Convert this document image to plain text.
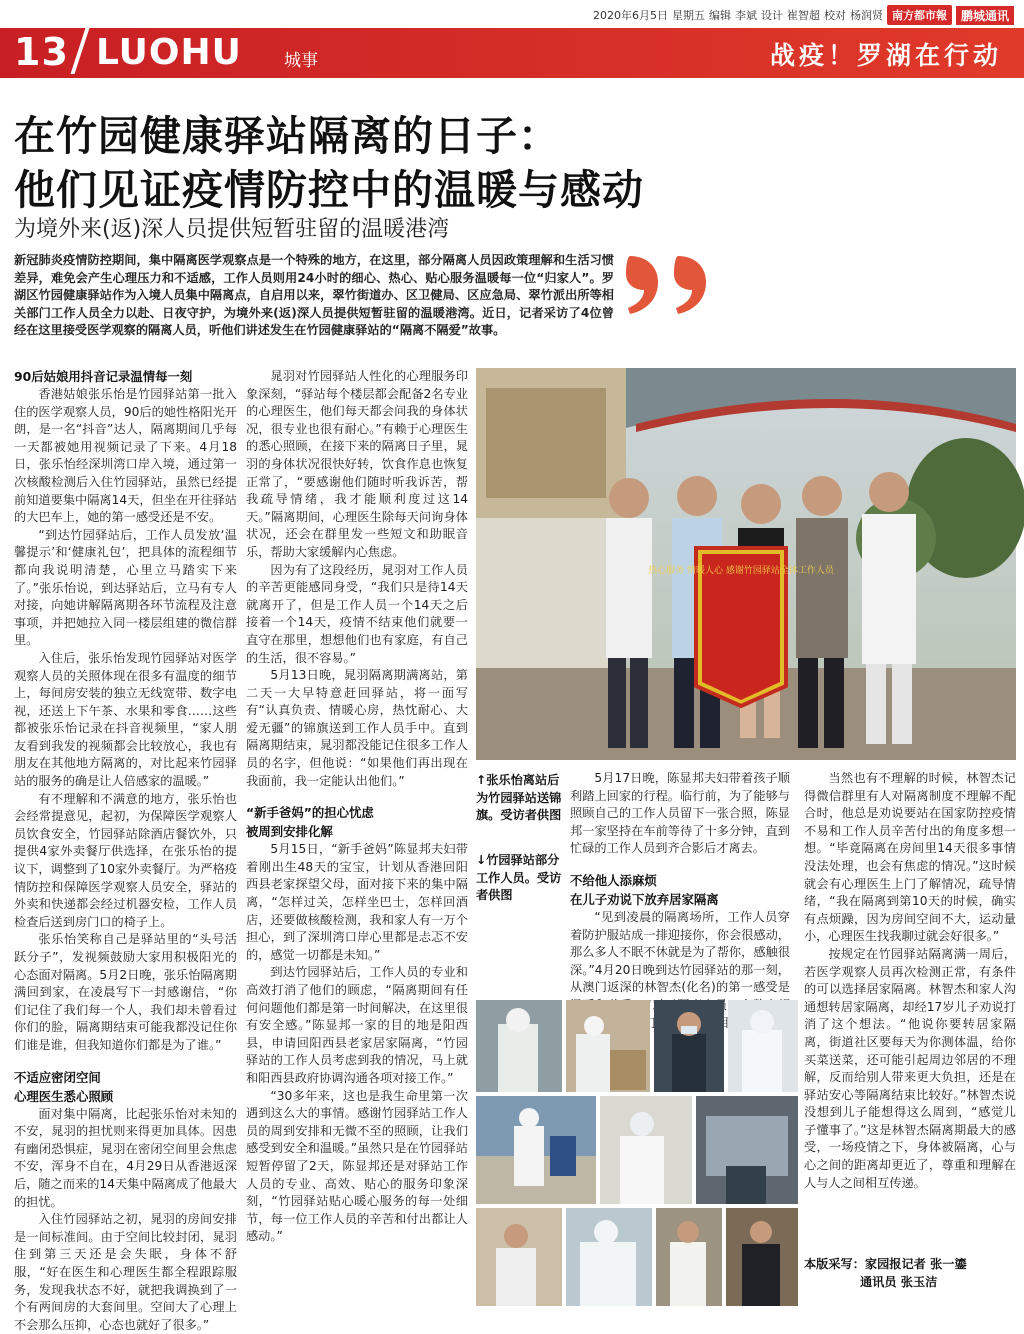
2020年6月5日 星期五 编辑 李斌 设计 崔智超 校对 杨润贤 南方都市報	鹏城通讯
13 LUOHU 城事	战疫！罗湖在行动
在竹园健康驿站隔离的日子：
他们见证疫情防控中的温暖与感动
为境外来(返)深人员提供短暂驻留的温暖港湾
新冠肺炎疫情防控期间，集中隔离医学观察点是一个特殊的地方，在这里，部分隔离人员因政策理解和生活习惯差异，难免会产生心理压力和不适感，工作人员则用24小时的细心、热心、贴心服务温暖每一位“归家人”。罗湖区竹园健康驿站作为入境人员集中隔离点，自启用以来，翠竹街道办、区卫健局、区应急局、翠竹派出所等相关部门工作人员全力以赴、日夜守护，为境外来(返)深人员提供短暂驻留的温暖港湾。近日，记者采访了4位曾经在这里接受医学观察的隔离人员，听他们讲述发生在竹园健康驿站的“隔离不隔爱”故事。
90后姑娘用抖音记录温情每一刻

香港姑娘张乐怡是竹园驿站第一批入住的医学观察人员，90后的她性格阳光开朗，是一名“抖音”达人，隔离期间几乎每一天都被她用视频记录了下来。4月18日，张乐怡经深圳湾口岸入境，通过第一次核酸检测后入住竹园驿站，虽然已经提前知道要集中隔离14天，但坐在开往驿站的大巴车上，她的第一感受还是不安。

“到达竹园驿站后，工作人员发放‘温馨提示’和‘健康礼包’，把具体的流程细节都向我说明清楚，心里立马踏实下来了。”张乐怡说，到达驿站后，立马有专人对接，向她讲解隔离期各环节流程及注意事项，并把她拉入同一楼层组建的微信群里。

入住后，张乐怡发现竹园驿站对医学观察人员的关照体现在很多有温度的细节上，每间房安装的独立无线宽带、数字电视，还送上下午茶、水果和零食……这些都被张乐怡记录在抖音视频里，“家人朋友看到我发的视频都会比较放心，我也有朋友在其他地方隔离的，对比起来竹园驿站的服务的确是让人倍感家的温暖。”

有不理解和不满意的地方，张乐怡也会经常提意见，起初，为保障医学观察人员饮食安全，竹园驿站除酒店餐饮外，只提供4家外卖餐厅供选择，在张乐怡的提议下，调整到了10家外卖餐厅。为严格疫情防控和保障医学观察人员安全，驿站的外卖和快递都会经过机器安检，工作人员检查后送到房门口的椅子上。

张乐怡笑称自己是驿站里的“头号活跃分子”，发视频鼓励大家用积极阳光的心态面对隔离。5月2日晚，张乐怡隔离期满回到家，在凌晨写下一封感谢信，“你们记住了我们每一个人，我们却未曾看过你们的脸，隔离期结束可能我都没记住你们谁是谁，但我知道你们都是为了谁。”

不适应密闭空间
心理医生悉心照顾

面对集中隔离，比起张乐怡对未知的不安，晁羽的担忧则来得更加具体。因患有幽闭恐惧症，晁羽在密闭空间里会焦虑不安，浑身不自在，4月29日从香港返深后，随之而来的14天集中隔离成了他最大的担忧。

入住竹园驿站之初，晁羽的房间安排是一间标准间。由于空间比较封闭，晁羽住到第三天还是会失眠，身体不舒服，“好在医生和心理医生都全程跟踪服务，发现我状态不好，就把我调换到了一个有两间房的大套间里。空间大了心理上不会那么压抑，心态也就好了很多。”

晁羽对竹园驿站人性化的心理服务印象深刻，“驿站每个楼层都会配备2名专业的心理医生，他们每天都会问我的身体状况，很专业也很有耐心。”有赖于心理医生的悉心照顾，在接下来的隔离日子里，晁羽的身体状况很快好转，饮食作息也恢复正常了，“要感谢他们随时听我诉苦，帮我疏导情绪，我才能顺利度过这14天。”隔离期间，心理医生除每天问询身体状况，还会在群里发一些短文和助眠音乐，帮助大家缓解内心焦虑。

因为有了这段经历，晁羽对工作人员的辛苦更能感同身受，“我们只是待14天就离开了，但是工作人员一个14天之后接着一个14天，疫情不结束他们就要一直守在那里，想想他们也有家庭，有自己的生活，很不容易。”

5月13日晚，晁羽隔离期满离站，第二天一大早特意赶回驿站，将一面写有“认真负责、情暖心房，热忱耐心、大爱无疆”的锦旗送到工作人员手中。直到隔离期结束，晁羽都没能记住很多工作人员的名字，但他说：“如果他们再出现在我面前，我一定能认出他们。”

“新手爸妈”的担心忧虑
被周到安排化解

5月15日，“新手爸妈”陈显邦夫妇带着刚出生48天的宝宝，计划从香港回阳西县老家探望父母，面对接下来的集中隔离，“怎样过关，怎样坐巴士，怎样回酒店，还要做核酸检测，我和家人有一万个担心，到了深圳湾口岸心里都是忐忑不安的，感觉一切都是未知。”

到达竹园驿站后，工作人员的专业和高效打消了他们的顾虑，“隔离期间有任何问题他们都是第一时间解决，在这里很有安全感。”陈显邦一家的目的地是阳西县，申请回阳西县老家居家隔离，“竹园驿站的工作人员考虑到我的情况，马上就和阳西县政府协调沟通各项对接工作。”

“30多年来，这也是我生命里第一次遇到这么大的事情。感谢竹园驿站工作人员的周到安排和无微不至的照顾，让我们感受到安全和温暖。”虽然只是在竹园驿站短暂停留了2天，陈显邦还是对驿站工作人员的专业、高效、贴心的服务印象深刻，“竹园驿站贴心暖心服务的每一处细节，每一位工作人员的辛苦和付出都让人感动。”

热心服务 情暖人心 感谢竹园驿站全体工作人员
↑张乐怡离站后为竹园驿站送锦旗。受访者供图
↓竹园驿站部分工作人员。受访者供图

5月17日晚，陈显邦夫妇带着孩子顺利踏上回家的行程。临行前，为了能够与照顾自己的工作人员留下一张合照，陈显邦一家坚持在车前等待了十多分钟，直到忙碌的工作人员到齐合影后才离去。

不给他人添麻烦
在儿子劝说下放弃居家隔离

“见到凌晨的隔离场所，工作人员穿着防护服站成一排迎接你，你会很感动，那么多人不眠不休就是为了帮你，感触很深。”4月20日晚到达竹园驿站的那一刻，从澳门返深的林智杰(化名)的第一感受是 员，

当然也有不理解的时候，林智杰记得微信群里有人对隔离制度不理解不配合时，他总是劝说要站在国家防控疫情不易和工作人员辛苦付出的角度多想一想。“毕竟隔离在房间里14天很多事情没法处理，也会有焦虑的情况。”这时候就会有心理医生上门了解情况，疏导情绪，“我在隔离到第10天的时候，确实有点烦躁，因为房间空间不大，运动量小，心理医生找我聊过就会好很多。”

按规定在竹园驿站隔离满一周后，若医学观察人员再次检测正常，有条件的可以选择居家隔离。林智杰和家人沟通想转居家隔离，却经17岁儿子劝说打消了这个想法。“他说你要转居家隔离，街道社区要每天为你测体温，给你买菜送菜，还可能引起周边邻居的不理解，反而给别人带来更大负担，还是在驿站安心等隔离结束比较好。”林智杰说没想到儿子能想得这么周到，“感觉儿子懂事了。”这是林智杰隔离期最大的感受，一场疫情之下，身体被隔离，心与心之间的距离却更近了，尊重和理解在人与人之间相互传递。

本版采写：家园报记者 张一鎏
通讯员 张玉洁
